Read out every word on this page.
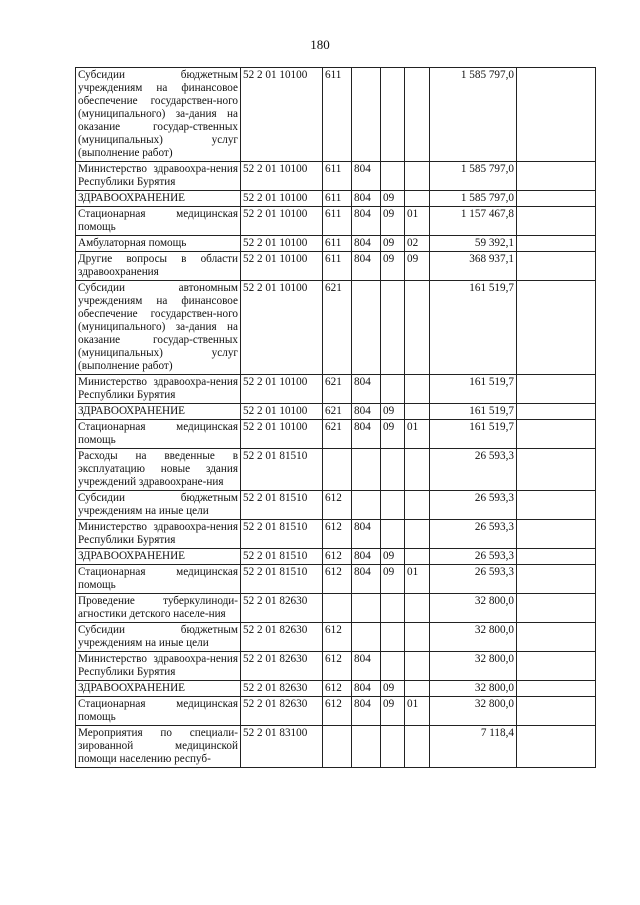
180
Субсидии бюджетным учреждениям на финансовое обеспечение государствен-ного (муниципального) за-дания на оказание государ-ственных (муниципальных) услуг (выполнение работ)	52 2 01 10100	611				1 585 797,0	
Министерство здравоохра-нения Республики Бурятия	52 2 01 10100	611	804			1 585 797,0	
ЗДРАВООХРАНЕНИЕ	52 2 01 10100	611	804	09		1 585 797,0	
Стационарная медицинская помощь	52 2 01 10100	611	804	09	01	1 157 467,8	
Амбулаторная помощь	52 2 01 10100	611	804	09	02	59 392,1	
Другие вопросы в области здравоохранения	52 2 01 10100	611	804	09	09	368 937,1	
Субсидии автономным учреждениям на финансовое обеспечение государствен-ного (муниципального) за-дания на оказание государ-ственных (муниципальных) услуг (выполнение работ)	52 2 01 10100	621				161 519,7	
Министерство здравоохра-нения Республики Бурятия	52 2 01 10100	621	804			161 519,7	
ЗДРАВООХРАНЕНИЕ	52 2 01 10100	621	804	09		161 519,7	
Стационарная медицинская помощь	52 2 01 10100	621	804	09	01	161 519,7	
Расходы на введенные в эксплуатацию новые здания учреждений здравоохране-ния	52 2 01 81510					26 593,3	
Субсидии бюджетным учреждениям на иные цели	52 2 01 81510	612				26 593,3	
Министерство здравоохра-нения Республики Бурятия	52 2 01 81510	612	804			26 593,3	
ЗДРАВООХРАНЕНИЕ	52 2 01 81510	612	804	09		26 593,3	
Стационарная медицинская помощь	52 2 01 81510	612	804	09	01	26 593,3	
Проведение туберкулиноди-агностики детского населе-ния	52 2 01 82630					32 800,0	
Субсидии бюджетным учреждениям на иные цели	52 2 01 82630	612				32 800,0	
Министерство здравоохра-нения Республики Бурятия	52 2 01 82630	612	804			32 800,0	
ЗДРАВООХРАНЕНИЕ	52 2 01 82630	612	804	09		32 800,0	
Стационарная медицинская помощь	52 2 01 82630	612	804	09	01	32 800,0	
Мероприятия по специали-зированной медицинской помощи населению респуб-	52 2 01 83100					7 118,4	
